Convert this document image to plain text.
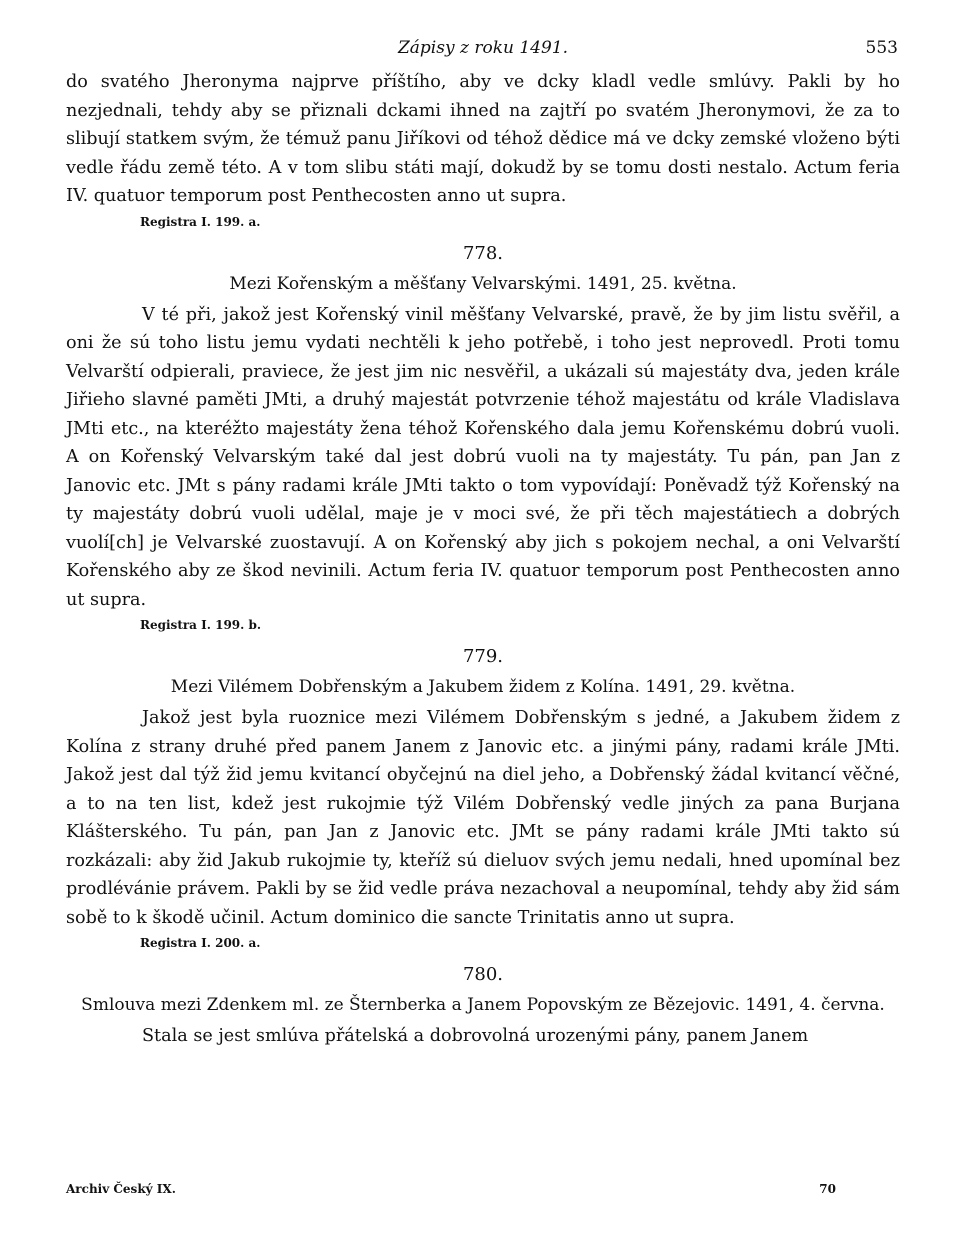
Zápisy z roku 1491.	553

do svatého Jheronyma najprve příštího, aby ve dcky kladl vedle smlúvy. Pakli by ho nezjednali, tehdy aby se přiznali dckami ihned na zajtří po svatém Jheronymovi, že za to slibují statkem svým, že témuž panu Jiříkovi od téhož dědice má ve dcky zemské vloženo býti vedle řádu země této. A v tom slibu státi mají, dokudž by se tomu dosti nestalo. Actum feria IV. quatuor temporum post Penthecosten anno ut supra.

Registra I. 199. a.

778.

Mezi Kořenským a měšťany Velvarskými. 1491, 25. května.

V té při, jakož jest Kořenský vinil měšťany Velvarské, pravě, že by jim listu svěřil, a oni že sú toho listu jemu vydati nechtěli k jeho potřebě, i toho jest neprovedl. Proti tomu Velvarští odpierali, praviece, že jest jim nic nesvěřil, a ukázali sú majestáty dva, jeden krále Jiřieho slavné paměti JMti, a druhý majestát potvrzenie téhož majestátu od krále Vladislava JMti etc., na kteréžto majestáty žena téhož Kořenského dala jemu Kořenskému dobrú vuoli. A on Kořenský Velvarským také dal jest dobrú vuoli na ty majestáty. Tu pán, pan Jan z Janovic etc. JMt s pány radami krále JMti takto o tom vypovídají: Poněvadž týž Kořenský na ty majestáty dobrú vuoli udělal, maje je v moci své, že při těch majestátiech a dobrých vuolí[ch] je Velvarské zuostavují. A on Kořenský aby jich s pokojem nechal, a oni Velvarští Kořenského aby ze škod nevinili. Actum feria IV. quatuor temporum post Penthecosten anno ut supra.

Registra I. 199. b.

779.

Mezi Vilémem Dobřenským a Jakubem židem z Kolína. 1491, 29. května.

Jakož jest byla ruoznice mezi Vilémem Dobřenským s jedné, a Jakubem židem z Kolína z strany druhé před panem Janem z Janovic etc. a jinými pány, radami krále JMti. Jakož jest dal týž žid jemu kvitancí obyčejnú na diel jeho, a Dobřenský žádal kvitancí věčné, a to na ten list, kdež jest rukojmie týž Vilém Dobřenský vedle jiných za pana Burjana Klášterského. Tu pán, pan Jan z Janovic etc. JMt se pány radami krále JMti takto sú rozkázali: aby žid Jakub rukojmie ty, kteříž sú dieluov svých jemu nedali, hned upomínal bez prodlévánie právem. Pakli by se žid vedle práva nezachoval a neupomínal, tehdy aby žid sám sobě to k škodě učinil. Actum dominico die sancte Trinitatis anno ut supra.

Registra I. 200. a.

780.

Smlouva mezi Zdenkem ml. ze Šternberka a Janem Popovským ze Bězejovic. 1491, 4. června.

Stala se jest smlúva přátelská a dobrovolná urozenými pány, panem Janem

Archiv Český IX.	70
